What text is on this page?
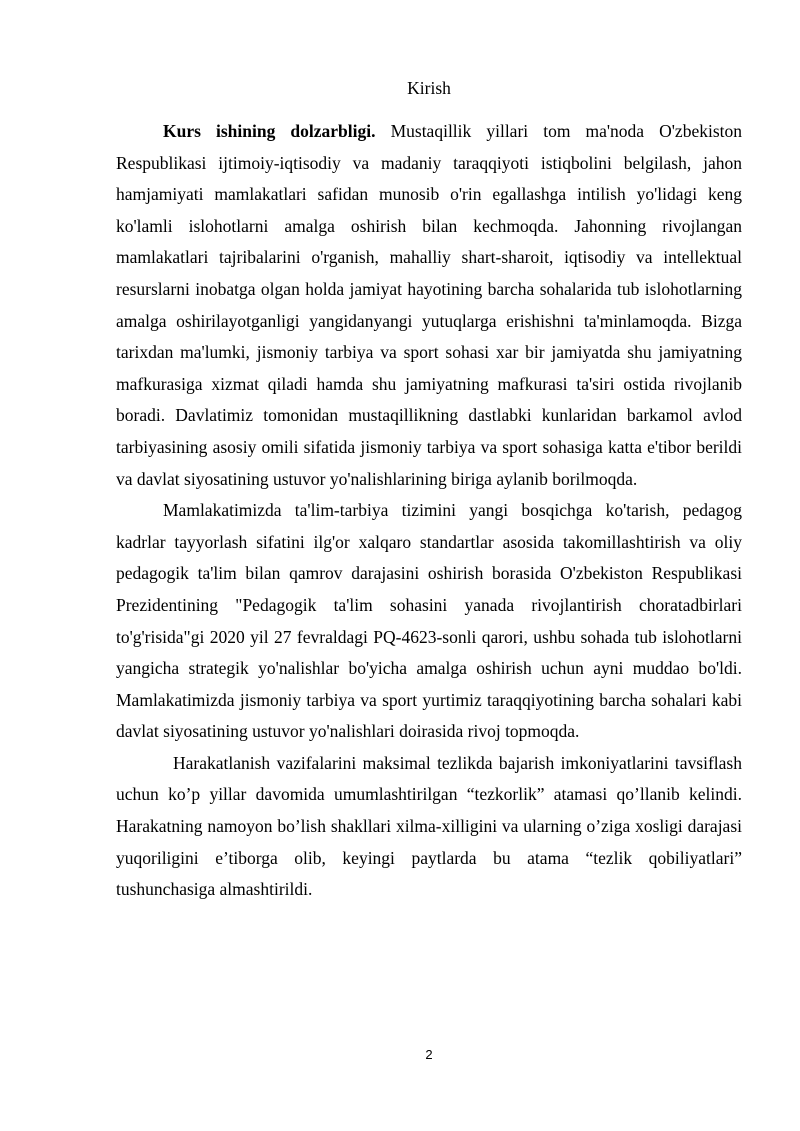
Kirish

Kurs ishining dolzarbligi. Mustaqillik yillari tom ma'noda O'zbekiston Respublikasi ijtimoiy-iqtisodiy va madaniy taraqqiyoti istiqbolini belgilash, jahon hamjamiyati mamlakatlari safidan munosib o'rin egallashga intilish yo'lidagi keng ko'lamli islohotlarni amalga oshirish bilan kechmoqda. Jahonning rivojlangan mamlakatlari tajribalarini o'rganish, mahalliy shart-sharoit, iqtisodiy va intellektual resurslarni inobatga olgan holda jamiyat hayotining barcha sohalarida tub islohotlarning amalga oshirilayotganligi yangidanyangi yutuqlarga erishishni ta'minlamoqda. Bizga tarixdan ma'lumki, jismoniy tarbiya va sport sohasi xar bir jamiyatda shu jamiyatning mafkurasiga xizmat qiladi hamda shu jamiyatning mafkurasi ta'siri ostida rivojlanib boradi. Davlatimiz tomonidan mustaqillikning dastlabki kunlaridan barkamol avlod tarbiyasining asosiy omili sifatida jismoniy tarbiya va sport sohasiga katta e'tibor berildi va davlat siyosatining ustuvor yo'nalishlarining biriga aylanib borilmoqda.

Mamlakatimizda ta'lim-tarbiya tizimini yangi bosqichga ko'tarish, pedagog kadrlar tayyorlash sifatini ilg'or xalqaro standartlar asosida takomillashtirish va oliy pedagogik ta'lim bilan qamrov darajasini oshirish borasida O'zbekiston Respublikasi Prezidentining "Pedagogik ta'lim sohasini yanada rivojlantirish choratadbirlari to'g'risida"gi 2020 yil 27 fevraldagi PQ-4623-sonli qarori, ushbu sohada tub islohotlarni yangicha strategik yo'nalishlar bo'yicha amalga oshirish uchun ayni muddao bo'ldi. Mamlakatimizda jismoniy tarbiya va sport yurtimiz taraqqiyotining barcha sohalari kabi davlat siyosatining ustuvor yo'nalishlari doirasida rivoj topmoqda.

Harakatlanish vazifalarini maksimal tezlikda bajarish imkoniyatlarini tavsiflash uchun ko’p yillar davomida umumlashtirilgan “tezkorlik” atamasi qo’llanib kelindi. Harakatning namoyon bo’lish shakllari xilma-xilligini va ularning o’ziga xosligi darajasi yuqoriligini e’tiborga olib, keyingi paytlarda bu atama “tezlik qobiliyatlari” tushunchasiga almashtirildi.

2
